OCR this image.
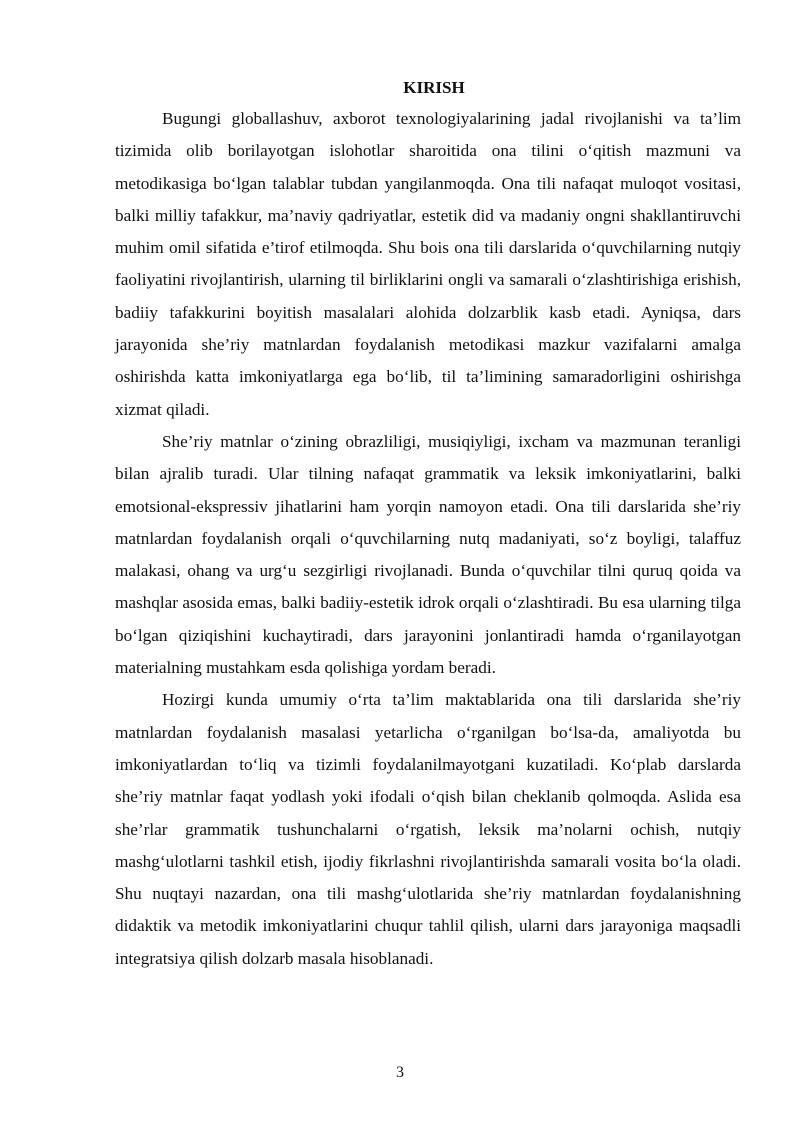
KIRISH

Bugungi globallashuv, axborot texnologiyalarining jadal rivojlanishi va ta’lim tizimida olib borilayotgan islohotlar sharoitida ona tilini o‘qitish mazmuni va metodikasiga bo‘lgan talablar tubdan yangilanmoqda. Ona tili nafaqat muloqot vositasi, balki milliy tafakkur, ma’naviy qadriyatlar, estetik did va madaniy ongni shakllantiruvchi muhim omil sifatida e’tirof etilmoqda. Shu bois ona tili darslarida o‘quvchilarning nutqiy faoliyatini rivojlantirish, ularning til birliklarini ongli va samarali o‘zlashtirishiga erishish, badiiy tafakkurini boyitish masalalari alohida dolzarblik kasb etadi. Ayniqsa, dars jarayonida she’riy matnlardan foydalanish metodikasi mazkur vazifalarni amalga oshirishda katta imkoniyatlarga ega bo‘lib, til ta’limining samaradorligini oshirishga xizmat qiladi.

She’riy matnlar o‘zining obrazliligi, musiqiyligi, ixcham va mazmunan teranligi bilan ajralib turadi. Ular tilning nafaqat grammatik va leksik imkoniyatlarini, balki emotsional-ekspressiv jihatlarini ham yorqin namoyon etadi. Ona tili darslarida she’riy matnlardan foydalanish orqali o‘quvchilarning nutq madaniyati, so‘z boyligi, talaffuz malakasi, ohang va urg‘u sezgirligi rivojlanadi. Bunda o‘quvchilar tilni quruq qoida va mashqlar asosida emas, balki badiiy-estetik idrok orqali o‘zlashtiradi. Bu esa ularning tilga bo‘lgan qiziqishini kuchaytiradi, dars jarayonini jonlantiradi hamda o‘rganilayotgan materialning mustahkam esda qolishiga yordam beradi.

Hozirgi kunda umumiy o‘rta ta’lim maktablarida ona tili darslarida she’riy matnlardan foydalanish masalasi yetarlicha o‘rganilgan bo‘lsa-da, amaliyotda bu imkoniyatlardan to‘liq va tizimli foydalanilmayotgani kuzatiladi. Ko‘plab darslarda she’riy matnlar faqat yodlash yoki ifodali o‘qish bilan cheklanib qolmoqda. Aslida esa she’rlar grammatik tushunchalarni o‘rgatish, leksik ma’nolarni ochish, nutqiy mashg‘ulotlarni tashkil etish, ijodiy fikrlashni rivojlantirishda samarali vosita bo‘la oladi. Shu nuqtayi nazardan, ona tili mashg‘ulotlarida she’riy matnlardan foydalanishning didaktik va metodik imkoniyatlarini chuqur tahlil qilish, ularni dars jarayoniga maqsadli integratsiya qilish dolzarb masala hisoblanadi.

3
